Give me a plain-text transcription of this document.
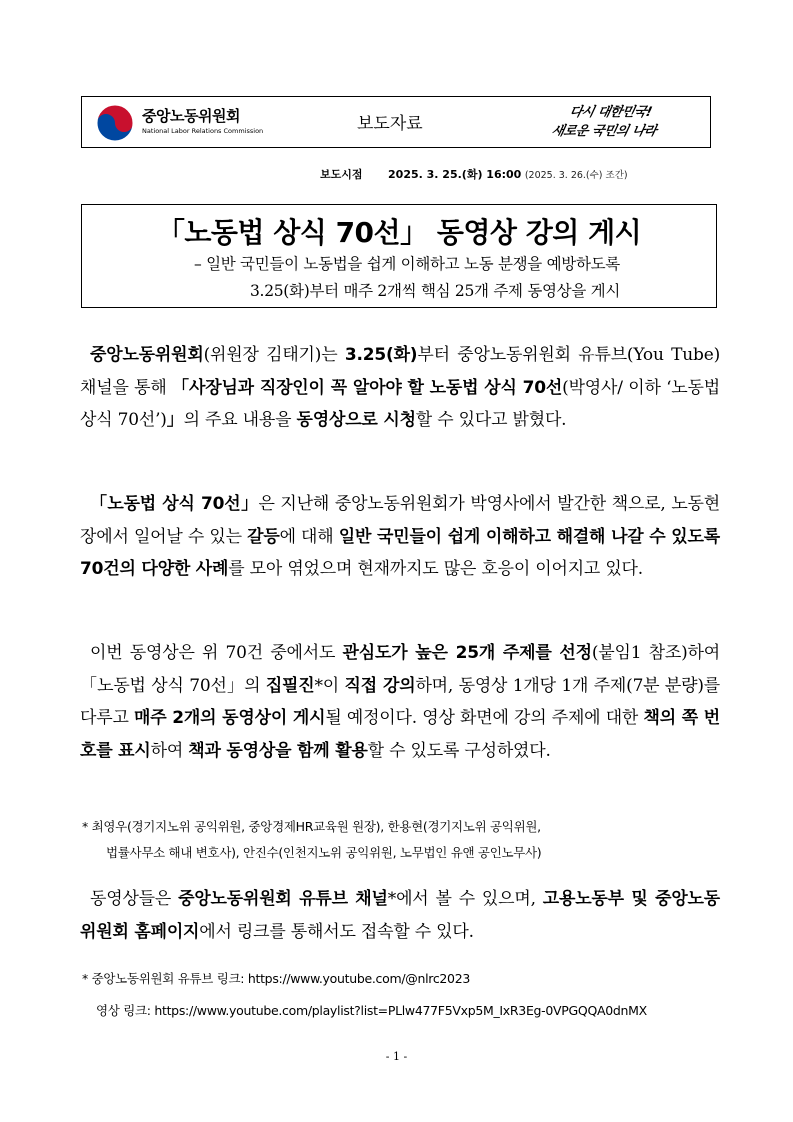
중앙노동위원회
National Labor Relations Commission	보도자료
다시 대한민국!
새로운 국민의 나라
보도시점 2025. 3. 25.(화) 16:00 (2025. 3. 26.(수) 조간)
「노동법 상식 70선」 동영상 강의 게시
– 일반 국민들이 노동법을 쉽게 이해하고 노동 분쟁을 예방하도록
3.25(화)부터 매주 2개씩 핵심 25개 주제 동영상을 게시
중앙노동위원회(위원장 김태기)는 3.25(화)부터 중앙노동위원회 유튜브(You Tube) 채널을 통해 「사장님과 직장인이 꼭 알아야 할 노동법 상식 70선(박영사/ 이하 ‘노동법 상식 70선’)」의 주요 내용을 동영상으로 시청할 수 있다고 밝혔다.
「노동법 상식 70선」은 지난해 중앙노동위원회가 박영사에서 발간한 책으로, 노동현장에서 일어날 수 있는 갈등에 대해 일반 국민들이 쉽게 이해하고 해결해 나갈 수 있도록 70건의 다양한 사례를 모아 엮었으며 현재까지도 많은 호응이 이어지고 있다.
이번 동영상은 위 70건 중에서도 관심도가 높은 25개 주제를 선정(붙임1 참조)하여 「노동법 상식 70선」의 집필진*이 직접 강의하며, 동영상 1개당 1개 주제(7분 분량)를 다루고 매주 2개의 동영상이 게시될 예정이다. 영상 화면에 강의 주제에 대한 책의 쪽 번호를 표시하여 책과 동영상을 함께 활용할 수 있도록 구성하였다.
* 최영우(경기지노위 공익위원, 중앙경제HR교육원 원장), 한용현(경기지노위 공익위원,
법률사무소 해내 변호사), 안진수(인천지노위 공익위원, 노무법인 유앤 공인노무사)
동영상들은 중앙노동위원회 유튜브 채널*에서 볼 수 있으며, 고용노동부 및 중앙노동위원회 홈페이지에서 링크를 통해서도 접속할 수 있다.
* 중앙노동위원회 유튜브 링크: https://www.youtube.com/@nlrc2023
영상 링크: https://www.youtube.com/playlist?list=PLlw477F5Vxp5M_IxR3Eg-0VPGQQA0dnMX
- 1 -
